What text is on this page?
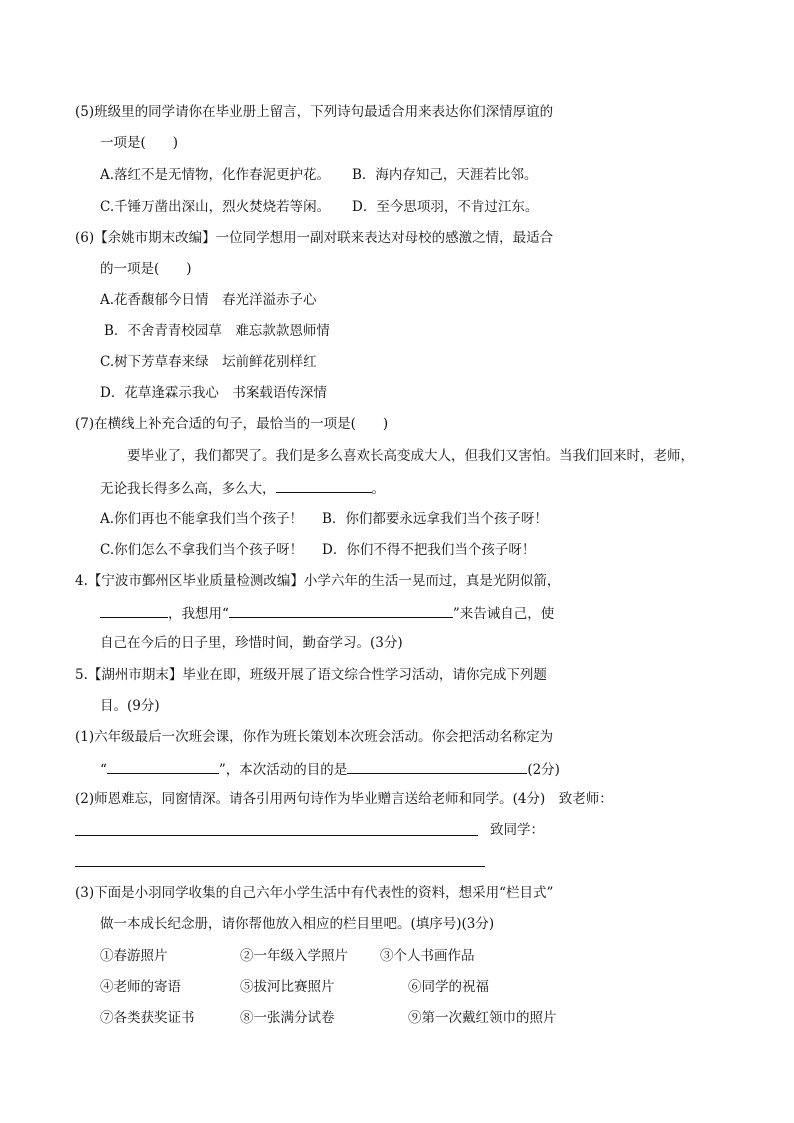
(5)班级里的同学请你在毕业册上留言，下列诗句最适合用来表达你们深情厚谊的
一项是(　　)
A.落红不是无情物，化作春泥更护花。 B．海内存知己，天涯若比邻。
C.千锤万凿出深山，烈火焚烧若等闲。 D．至今思项羽，不肯过江东。
(6)【余姚市期末改编】一位同学想用一副对联来表达对母校的感激之情，最适合
的一项是(　　)
A.花香馥郁今日情　春光洋溢赤子心
B．不舍青青校园草　难忘款款恩师情
C.树下芳草春来绿　坛前鲜花别样红
D．花草逢霖示我心　书案载语传深情
(7)在横线上补充合适的句子，最恰当的一项是(　　)
要毕业了，我们都哭了。我们是多么喜欢长高变成大人，但我们又害怕。当我们回来时，老师，
无论我长得多么高，多么大，	。
A.你们再也不能拿我们当个孩子！ B．你们都要永远拿我们当个孩子呀！
C.你们怎么不拿我们当个孩子呀！ D．你们不得不把我们当个孩子呀！
4.【宁波市鄞州区毕业质量检测改编】小学六年的生活一晃而过，真是光阴似箭，
，我想用“	”来告诫自己，使
自己在今后的日子里，珍惜时间，勤奋学习。(3分)
5.【湖州市期末】毕业在即，班级开展了语文综合性学习活动，请你完成下列题
目。(9分)
(1)六年级最后一次班会课，你作为班长策划本次班会活动。你会把活动名称定为
“	”，本次活动的目的是	(2分)
(2)师恩难忘，同窗情深。请各引用两句诗作为毕业赠言送给老师和同学。(4分)　致老师：
致同学：
(3)下面是小羽同学收集的自己六年小学生活中有代表性的资料，想采用“栏目式”
做一本成长纪念册，请你帮他放入相应的栏目里吧。(填序号)(3分)
①春游照片	②一年级入学照片 ③个人书画作品
④老师的寄语	⑤拔河比赛照片	⑥同学的祝福
⑦各类获奖证书	⑧一张满分试卷	⑨第一次戴红领巾的照片
